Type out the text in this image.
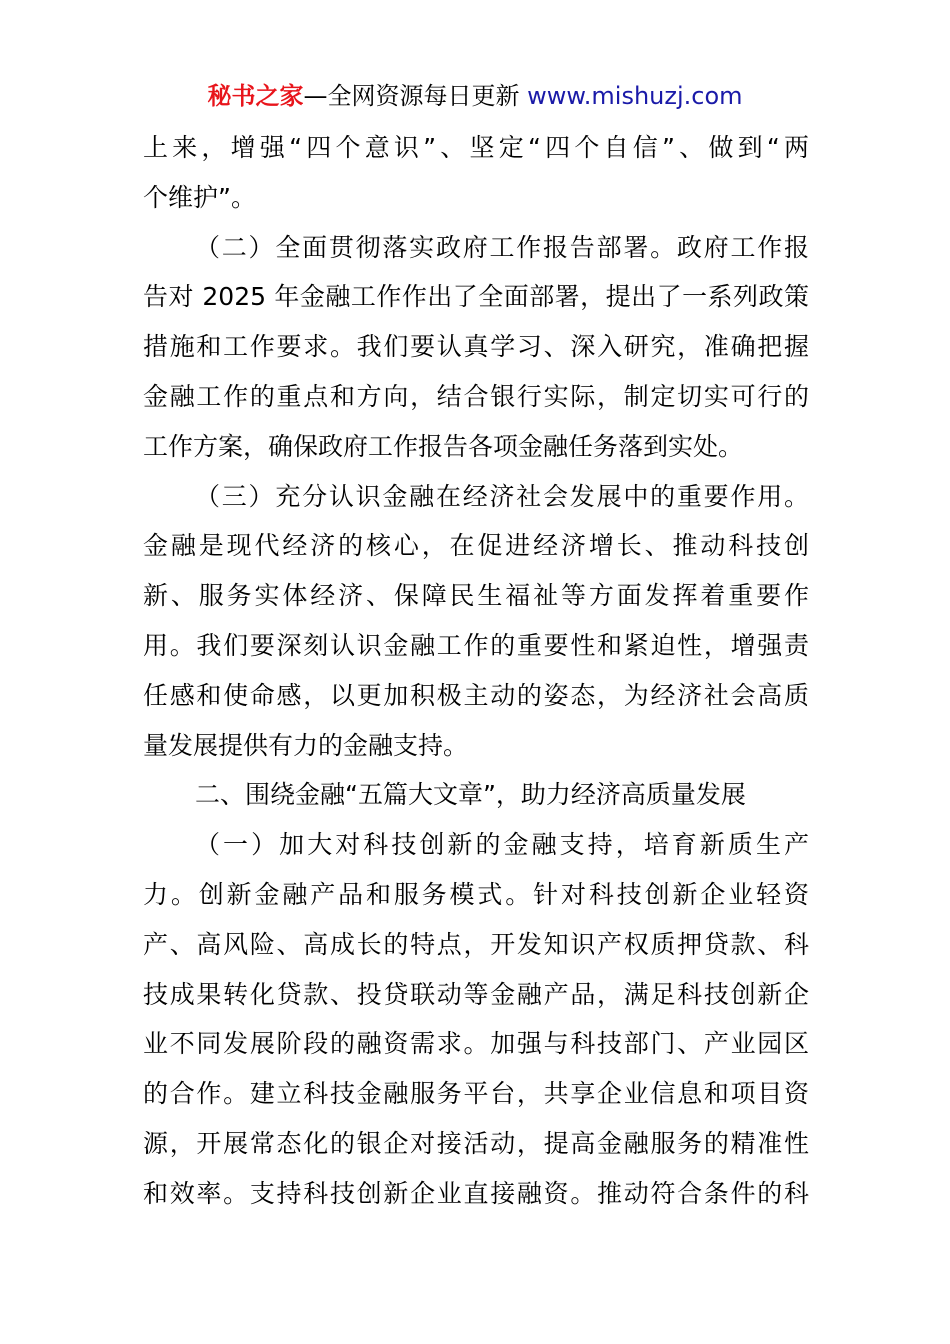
秘书之家—全网资源每日更新 www.mishuzj.com
上来，增强“四个意识”、坚定“四个自信”、做到“两
个维护”。
（二）全面贯彻落实政府工作报告部署。政府工作报
告对 2025 年金融工作作出了全面部署，提出了一系列政策
措施和工作要求。我们要认真学习、深入研究，准确把握
金融工作的重点和方向，结合银行实际，制定切实可行的
工作方案，确保政府工作报告各项金融任务落到实处。
（三）充分认识金融在经济社会发展中的重要作用。
金融是现代经济的核心，在促进经济增长、推动科技创
新、服务实体经济、保障民生福祉等方面发挥着重要作
用。我们要深刻认识金融工作的重要性和紧迫性，增强责
任感和使命感，以更加积极主动的姿态，为经济社会高质
量发展提供有力的金融支持。
二、围绕金融“五篇大文章”，助力经济高质量发展
（一）加大对科技创新的金融支持，培育新质生产
力。创新金融产品和服务模式。针对科技创新企业轻资
产、高风险、高成长的特点，开发知识产权质押贷款、科
技成果转化贷款、投贷联动等金融产品，满足科技创新企
业不同发展阶段的融资需求。加强与科技部门、产业园区
的合作。建立科技金融服务平台，共享企业信息和项目资
源，开展常态化的银企对接活动，提高金融服务的精准性
和效率。支持科技创新企业直接融资。推动符合条件的科
